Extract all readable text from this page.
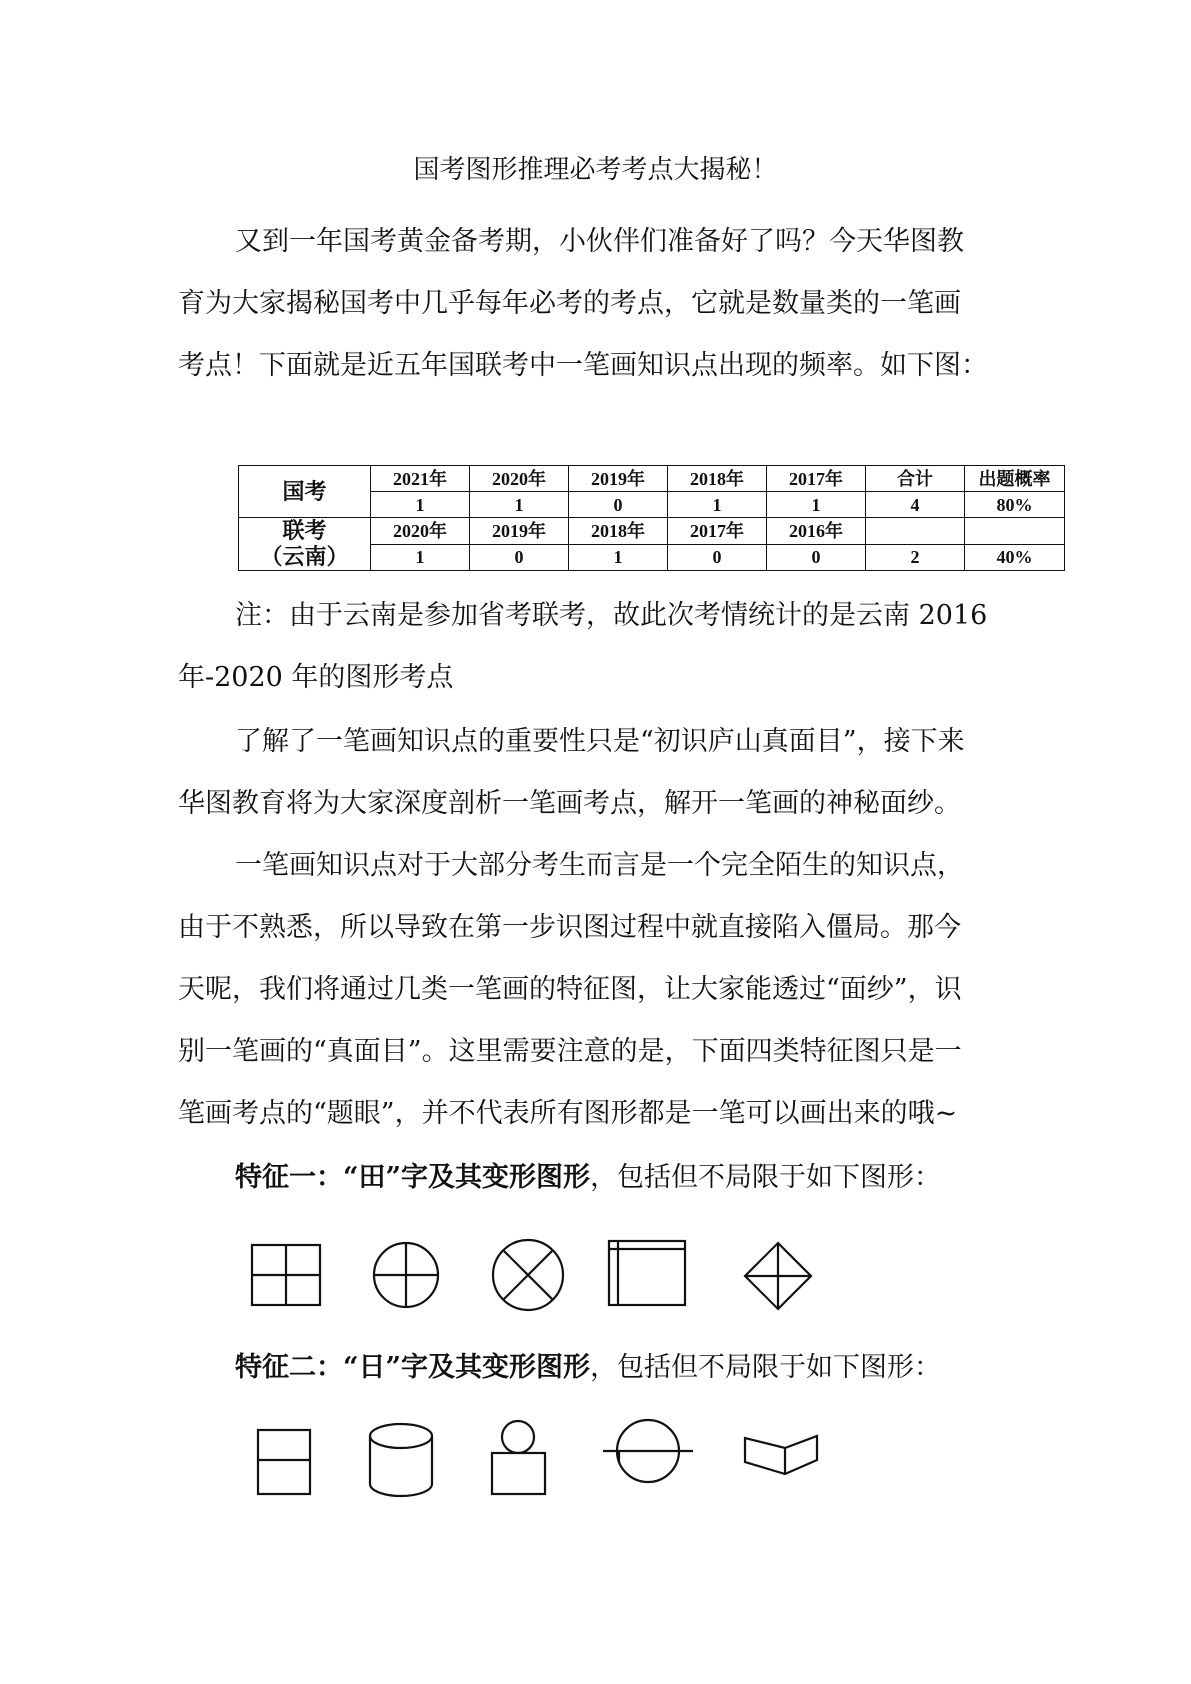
国考图形推理必考考点大揭秘！
又到一年国考黄金备考期，小伙伴们准备好了吗？今天华图教
育为大家揭秘国考中几乎每年必考的考点，它就是数量类的一笔画
考点！下面就是近五年国联考中一笔画知识点出现的频率。如下图：
国考	2021年	2020年	2019年	2018年	2017年	合计	出题概率
	1	1	0	1	1	4	80%
联考	2020年	2019年	2018年	2017年	2016年		
（云南）	1	0	1	0	0	2	40%
注：由于云南是参加省考联考，故此次考情统计的是云南 2016
年-2020 年的图形考点
了解了一笔画知识点的重要性只是“初识庐山真面目”，接下来
华图教育将为大家深度剖析一笔画考点，解开一笔画的神秘面纱。
一笔画知识点对于大部分考生而言是一个完全陌生的知识点，
由于不熟悉，所以导致在第一步识图过程中就直接陷入僵局。那今
天呢，我们将通过几类一笔画的特征图，让大家能透过“面纱”，识
别一笔画的“真面目”。这里需要注意的是，下面四类特征图只是一
笔画考点的“题眼”，并不代表所有图形都是一笔可以画出来的哦~
特征一：“田”字及其变形图形，包括但不局限于如下图形：
特征二：“日”字及其变形图形，包括但不局限于如下图形：
